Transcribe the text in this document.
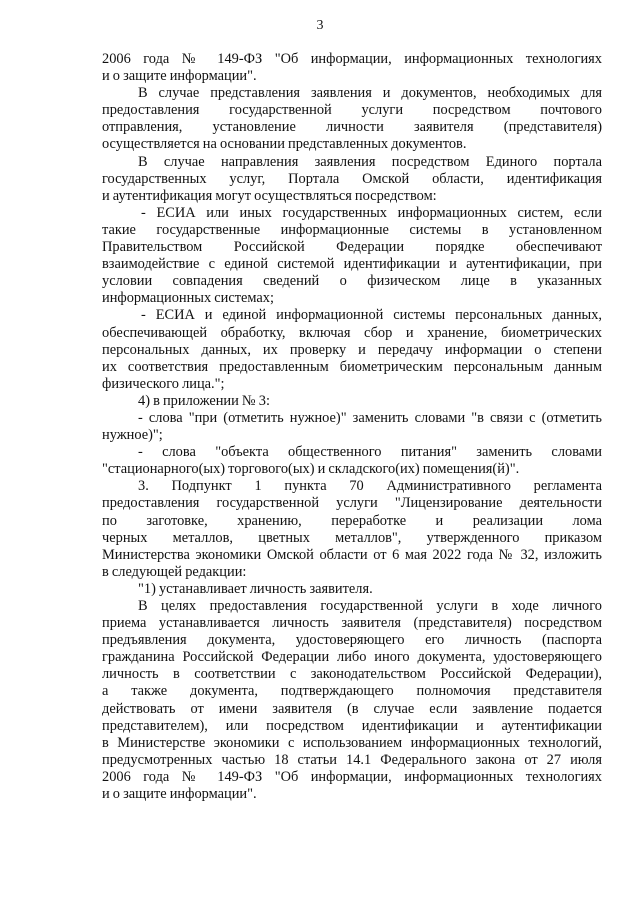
3

2006 года № 149-ФЗ "Об информации, информационных технологиях

и о защите информации".

В случае представления заявления и документов, необходимых для

предоставления государственной услуги посредством почтового

отправления, установление личности заявителя (представителя)

осуществляется на основании представленных документов.

В случае направления заявления посредством Единого портала

государственных услуг, Портала Омской области, идентификация

и аутентификация могут осуществляться посредством:

- ЕСИА или иных государственных информационных систем, если

такие государственные информационные системы в установленном

Правительством Российской Федерации порядке обеспечивают

взаимодействие с единой системой идентификации и аутентификации, при

условии совпадения сведений о физическом лице в указанных

информационных системах;

- ЕСИА и единой информационной системы персональных данных,

обеспечивающей обработку, включая сбор и хранение, биометрических

персональных данных, их проверку и передачу информации о степени

их соответствия предоставленным биометрическим персональным данным

физического лица.";

4) в приложении № 3:

- слова "при (отметить нужное)" заменить словами "в связи с (отметить

нужное)";

- слова "объекта общественного питания" заменить словами

"стационарного(ых) торгового(ых) и складского(их) помещения(й)".

3. Подпункт 1 пункта 70 Административного регламента

предоставления государственной услуги "Лицензирование деятельности

по заготовке, хранению, переработке и реализации лома

черных металлов, цветных металлов", утвержденного приказом

Министерства экономики Омской области от 6 мая 2022 года № 32, изложить

в следующей редакции:

"1) устанавливает личность заявителя.

В целях предоставления государственной услуги в ходе личного

приема устанавливается личность заявителя (представителя) посредством

предъявления документа, удостоверяющего его личность (паспорта

гражданина Российской Федерации либо иного документа, удостоверяющего

личность в соответствии с законодательством Российской Федерации),

а также документа, подтверждающего полномочия представителя

действовать от имени заявителя (в случае если заявление подается

представителем), или посредством идентификации и аутентификации

в Министерстве экономики с использованием информационных технологий,

предусмотренных частью 18 статьи 14.1 Федерального закона от 27 июля

2006 года № 149-ФЗ "Об информации, информационных технологиях

и о защите информации".
